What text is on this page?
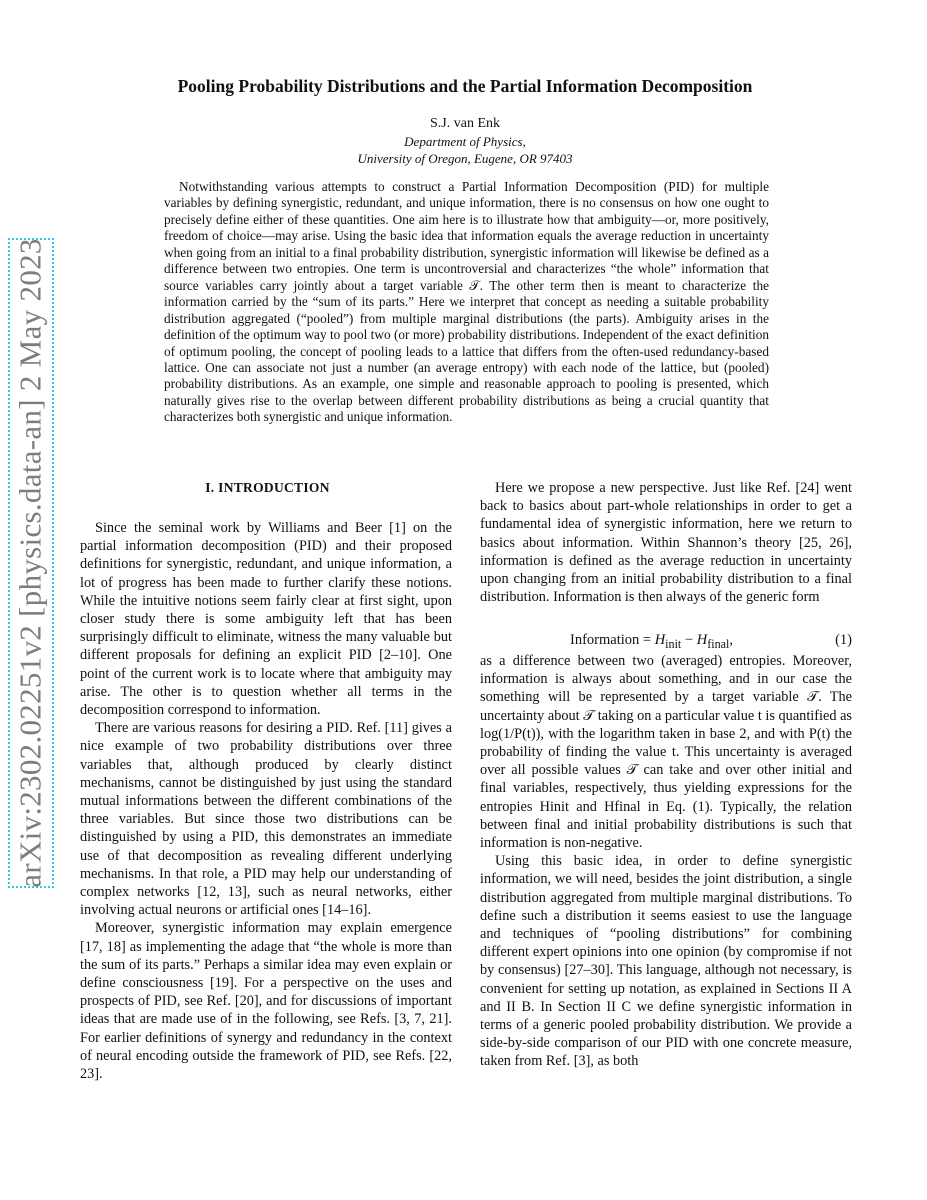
arXiv:2302.02251v2 [physics.data-an] 2 May 2023
Pooling Probability Distributions and the Partial Information Decomposition
S.J. van Enk
Department of Physics,
University of Oregon, Eugene, OR 97403

Notwithstanding various attempts to construct a Partial Information Decomposition (PID) for multiple variables by defining synergistic, redundant, and unique information, there is no consensus on how one ought to precisely define either of these quantities. One aim here is to illustrate how that ambiguity—or, more positively, freedom of choice—may arise. Using the basic idea that information equals the average reduction in uncertainty when going from an initial to a final probability distribution, synergistic information will likewise be defined as a difference between two entropies. One term is uncontroversial and characterizes “the whole” information that source variables carry jointly about a target variable 𝒯. The other term then is meant to characterize the information carried by the “sum of its parts.” Here we interpret that concept as needing a suitable probability distribution aggregated (“pooled”) from multiple marginal distributions (the parts). Ambiguity arises in the definition of the optimum way to pool two (or more) probability distributions. Independent of the exact definition of optimum pooling, the concept of pooling leads to a lattice that differs from the often-used redundancy-based lattice. One can associate not just a number (an average entropy) with each node of the lattice, but (pooled) probability distributions. As an example, one simple and reasonable approach to pooling is presented, which naturally gives rise to the overlap between different probability distributions as being a crucial quantity that characterizes both synergistic and unique information.

I. INTRODUCTION

Since the seminal work by Williams and Beer [1] on the partial information decomposition (PID) and their proposed definitions for synergistic, redundant, and unique information, a lot of progress has been made to further clarify these notions. While the intuitive notions seem fairly clear at first sight, upon closer study there is some ambiguity left that has been surprisingly difficult to eliminate, witness the many valuable but different proposals for defining an explicit PID [2–10]. One point of the current work is to locate where that ambiguity may arise. The other is to question whether all terms in the decomposition correspond to information.

There are various reasons for desiring a PID. Ref. [11] gives a nice example of two probability distributions over three variables that, although produced by clearly distinct mechanisms, cannot be distinguished by just using the standard mutual informations between the different combinations of the three variables. But since those two distributions can be distinguished by using a PID, this demonstrates an immediate use of that decomposition as revealing different underlying mechanisms. In that role, a PID may help our understanding of complex networks [12, 13], such as neural networks, either involving actual neurons or artificial ones [14–16].

Moreover, synergistic information may explain emergence [17, 18] as implementing the adage that “the whole is more than the sum of its parts.” Perhaps a similar idea may even explain or define consciousness [19]. For a perspective on the uses and prospects of PID, see Ref. [20], and for discussions of important ideas that are made use of in the following, see Refs. [3, 7, 21]. For earlier definitions of synergy and redundancy in the context of neural encoding outside the framework of PID, see Refs. [22, 23].

Here we propose a new perspective. Just like Ref. [24] went back to basics about part-whole relationships in order to get a fundamental idea of synergistic information, here we return to basics about information. Within Shannon’s theory [25, 26], information is defined as the average reduction in uncertainty upon changing from an initial probability distribution to a final distribution. Information is then always of the generic form

Information = $H_{init} - H_{final}$,	(1)

as a difference between two (averaged) entropies. Moreover, information is always about something, and in our case the something will be represented by a target variable 𝒯. The uncertainty about 𝒯 taking on a particular value t is quantified as log(1/P(t)), with the logarithm taken in base 2, and with P(t) the probability of finding the value t. This uncertainty is averaged over all possible values 𝒯 can take and over other initial and final variables, respectively, thus yielding expressions for the entropies Hinit and Hfinal in Eq. (1). Typically, the relation between final and initial probability distributions is such that information is non-negative.

Using this basic idea, in order to define synergistic information, we will need, besides the joint distribution, a single distribution aggregated from multiple marginal distributions. To define such a distribution it seems easiest to use the language and techniques of “pooling distributions” for combining different expert opinions into one opinion (by compromise if not by consensus) [27–30]. This language, although not necessary, is convenient for setting up notation, as explained in Sections II A and II B. In Section II C we define synergistic information in terms of a generic pooled probability distribution. We provide a side-by-side comparison of our PID with one concrete measure, taken from Ref. [3], as both
